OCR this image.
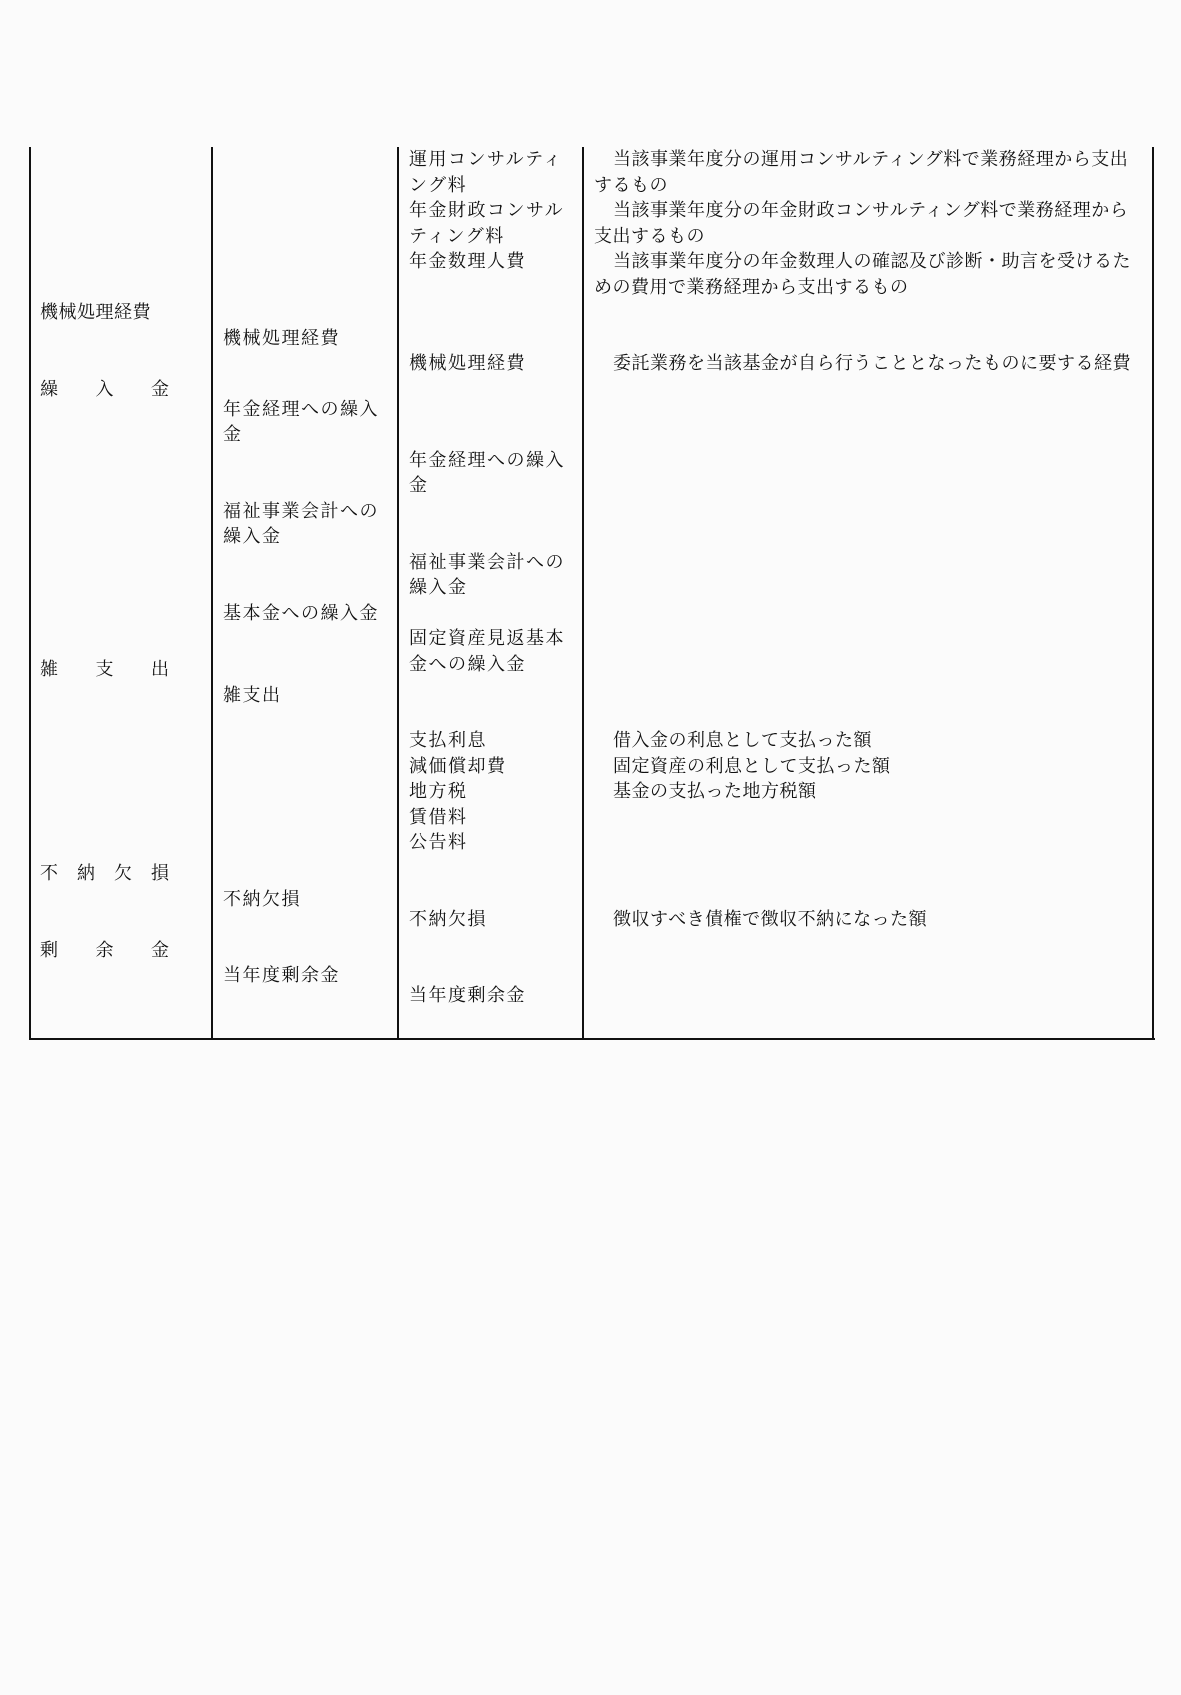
機械処理経費
繰　　入　　金
雑　　支　　出
不　納　欠　損
剰　　余　　金
機械処理経費
年金経理への繰入
金
福祉事業会計への
繰入金
基本金への繰入金
雑支出
不納欠損
当年度剰余金
運用コンサルティ
ング料
年金財政コンサル
ティング料
年金数理人費
機械処理経費
年金経理への繰入
金
福祉事業会計への
繰入金
固定資産見返基本
金への繰入金
支払利息
減価償却費
地方税
賃借料
公告料
不納欠損
当年度剰余金
当該事業年度分の運用コンサルティング料で業務経理から支出
するもの
当該事業年度分の年金財政コンサルティング料で業務経理から
支出するもの
当該事業年度分の年金数理人の確認及び診断・助言を受けるた
めの費用で業務経理から支出するもの
委託業務を当該基金が自ら行うこととなったものに要する経費
借入金の利息として支払った額
固定資産の利息として支払った額
基金の支払った地方税額
徴収すべき債権で徴収不納になった額
